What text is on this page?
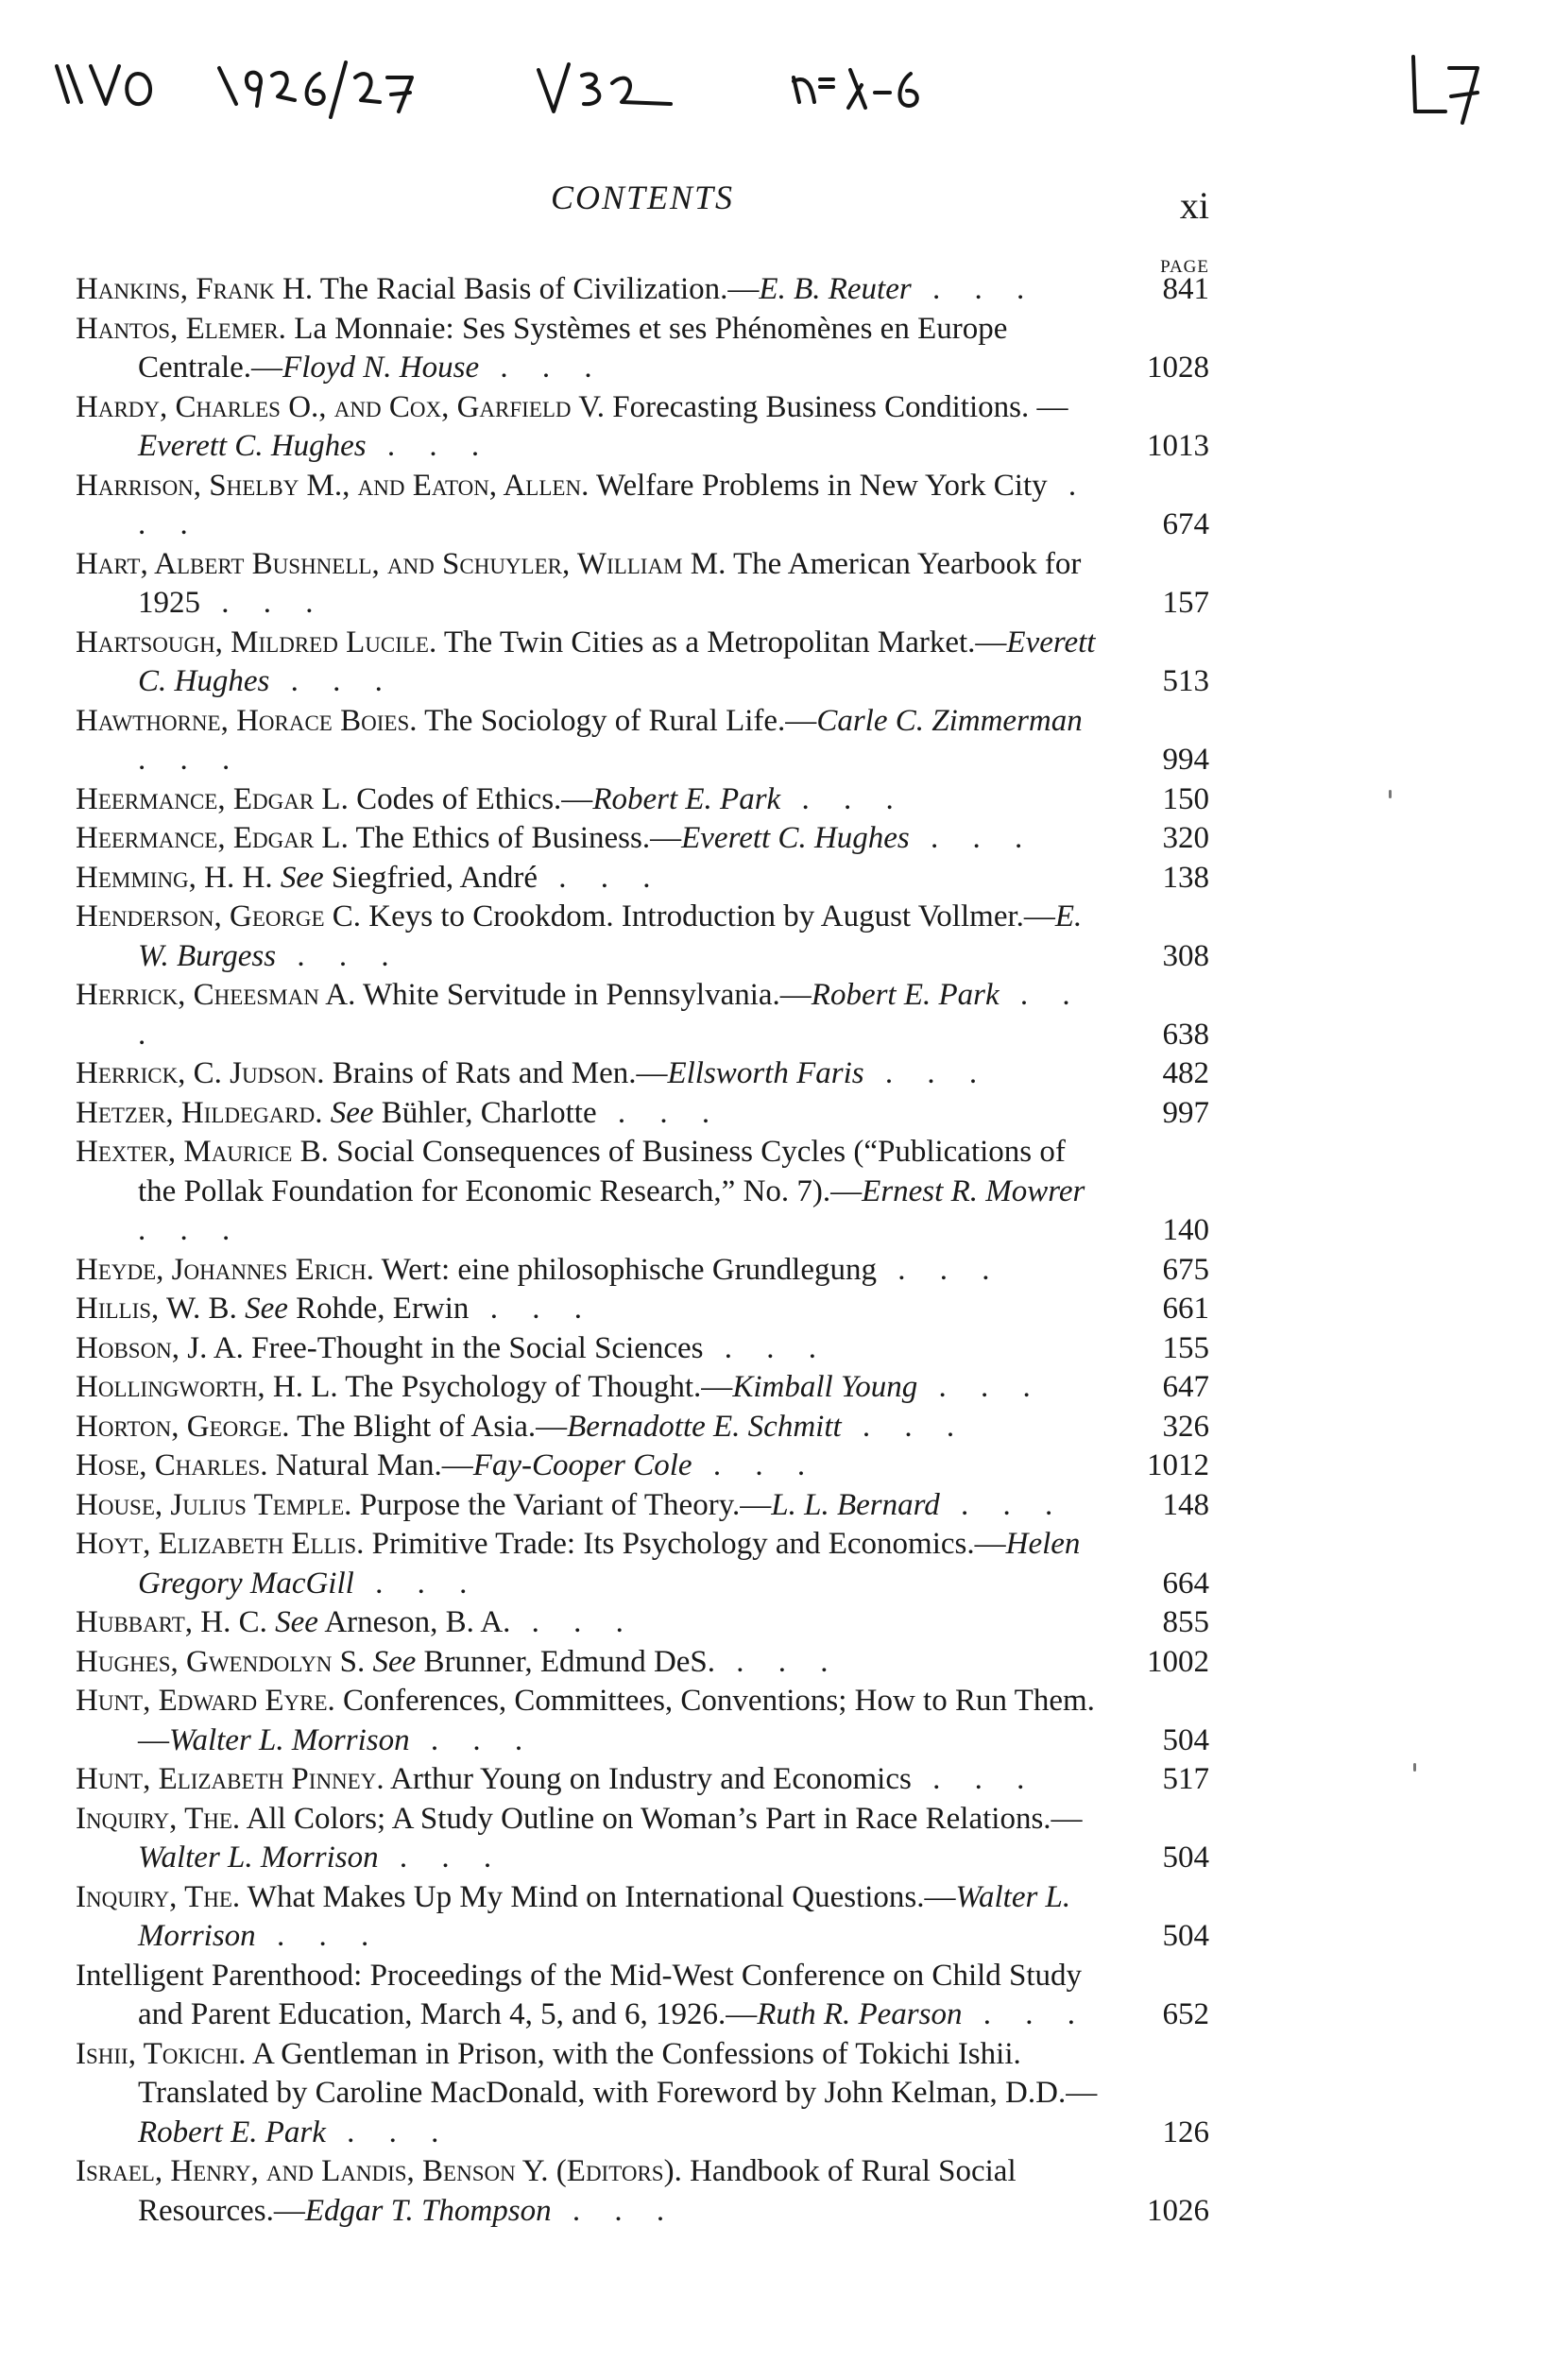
CONTENTS	xi
PAGE
Hankins, Frank H. The Racial Basis of Civilization.—E. B. Reuter . . .	841
Hantos, Elemer. La Monnaie: Ses Systèmes et ses Phénomènes en Europe Centrale.—Floyd N. House . . .	1028
Hardy, Charles O., and Cox, Garfield V. Forecasting Business Conditions. —Everett C. Hughes . . .	1013
Harrison, Shelby M., and Eaton, Allen. Welfare Problems in New York City . . .	674
Hart, Albert Bushnell, and Schuyler, William M. The American Yearbook for 1925 . . .	157
Hartsough, Mildred Lucile. The Twin Cities as a Metropolitan Market.—Everett C. Hughes . . .	513
Hawthorne, Horace Boies. The Sociology of Rural Life.—Carle C. Zimmerman . . .	994
Heermance, Edgar L. Codes of Ethics.—Robert E. Park . . .	150
Heermance, Edgar L. The Ethics of Business.—Everett C. Hughes . . .	320
Hemming, H. H. See Siegfried, André . . .	138
Henderson, George C. Keys to Crookdom. Introduction by August Vollmer.—E. W. Burgess . . .	308
Herrick, Cheesman A. White Servitude in Pennsylvania.—Robert E. Park . . .	638
Herrick, C. Judson. Brains of Rats and Men.—Ellsworth Faris . . .	482
Hetzer, Hildegard. See Bühler, Charlotte . . .	997
Hexter, Maurice B. Social Consequences of Business Cycles (“Publications of the Pollak Foundation for Economic Research,” No. 7).—Ernest R. Mowrer . . .	140
Heyde, Johannes Erich. Wert: eine philosophische Grundlegung . . .	675
Hillis, W. B. See Rohde, Erwin . . .	661
Hobson, J. A. Free-Thought in the Social Sciences . . .	155
Hollingworth, H. L. The Psychology of Thought.—Kimball Young . . .	647
Horton, George. The Blight of Asia.—Bernadotte E. Schmitt . . .	326
Hose, Charles. Natural Man.—Fay-Cooper Cole . . .	1012
House, Julius Temple. Purpose the Variant of Theory.—L. L. Bernard . . .	148
Hoyt, Elizabeth Ellis. Primitive Trade: Its Psychology and Economics.—Helen Gregory MacGill . . .	664
Hubbart, H. C. See Arneson, B. A. . . .	855
Hughes, Gwendolyn S. See Brunner, Edmund DeS. . . .	1002
Hunt, Edward Eyre. Conferences, Committees, Conventions; How to Run Them.—Walter L. Morrison . . .	504
Hunt, Elizabeth Pinney. Arthur Young on Industry and Economics . . .	517
Inquiry, The. All Colors; A Study Outline on Woman’s Part in Race Relations.—Walter L. Morrison . . .	504
Inquiry, The. What Makes Up My Mind on International Questions.—Walter L. Morrison . . .	504
Intelligent Parenthood: Proceedings of the Mid-West Conference on Child Study and Parent Education, March 4, 5, and 6, 1926.—Ruth R. Pearson . . .	652
Ishii, Tokichi. A Gentleman in Prison, with the Confessions of Tokichi Ishii. Translated by Caroline MacDonald, with Foreword by John Kelman, D.D.—Robert E. Park . . .	126
Israel, Henry, and Landis, Benson Y. (Editors). Handbook of Rural Social Resources.—Edgar T. Thompson . . .	1026
